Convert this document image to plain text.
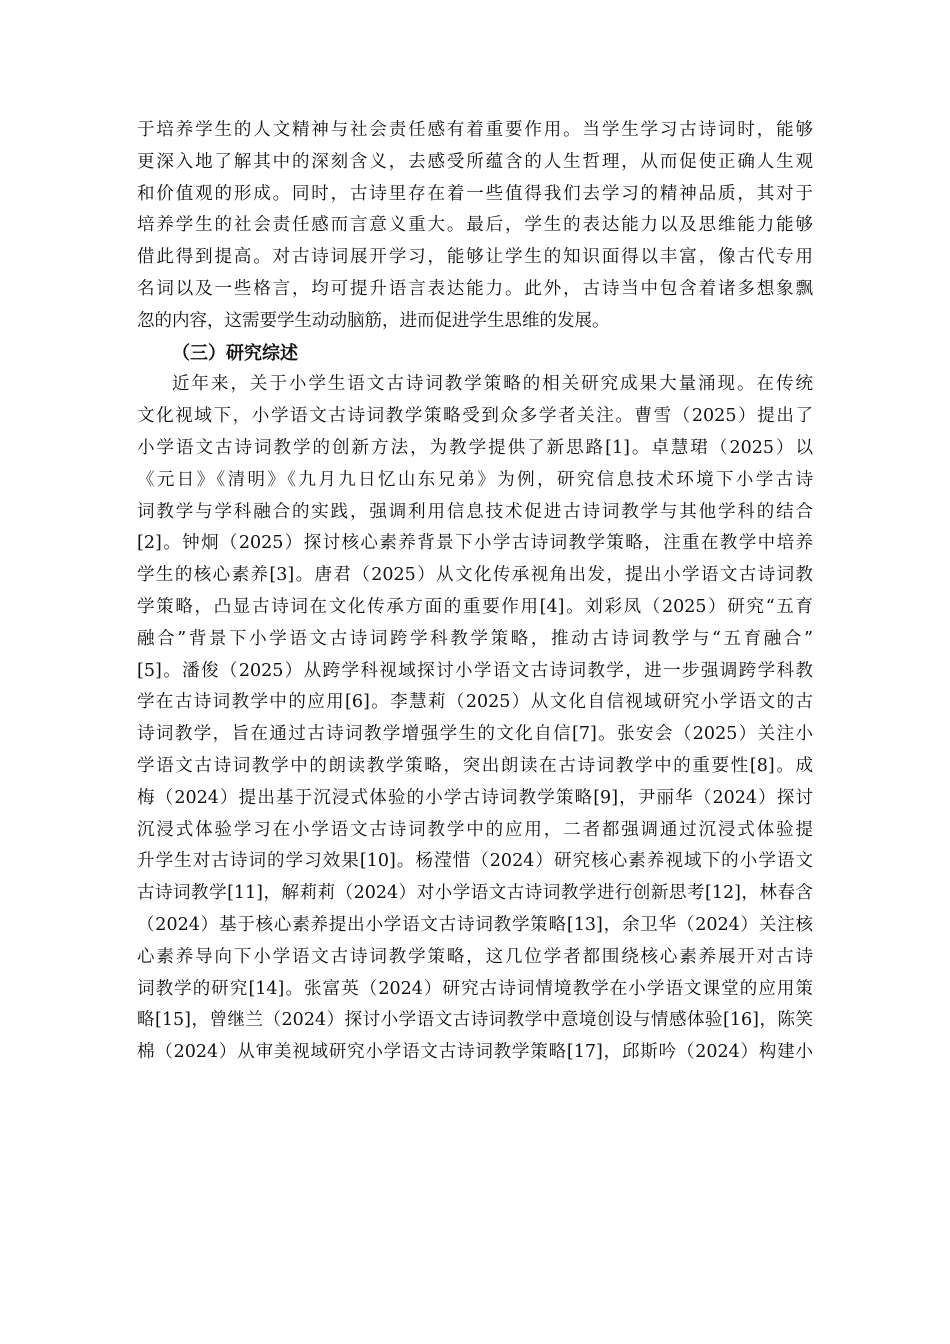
于培养学生的人文精神与社会责任感有着重要作用。当学生学习古诗词时，能够
更深入地了解其中的深刻含义，去感受所蕴含的人生哲理，从而促使正确人生观
和价值观的形成。同时，古诗里存在着一些值得我们去学习的精神品质，其对于
培养学生的社会责任感而言意义重大。最后，学生的表达能力以及思维能力能够
借此得到提高。对古诗词展开学习，能够让学生的知识面得以丰富，像古代专用
名词以及一些格言，均可提升语言表达能力。此外，古诗当中包含着诸多想象飘
忽的内容，这需要学生动动脑筋，进而促进学生思维的发展。
（三）研究综述
近年来，关于小学生语文古诗词教学策略的相关研究成果大量涌现。在传统
文化视域下，小学语文古诗词教学策略受到众多学者关注。曹雪（2025）提出了
小学语文古诗词教学的创新方法，为教学提供了新思路[1]。卓慧珺（2025）以
《元日》《清明》《九月九日忆山东兄弟》为例，研究信息技术环境下小学古诗
词教学与学科融合的实践，强调利用信息技术促进古诗词教学与其他学科的结合
[2]。钟炯（2025）探讨核心素养背景下小学古诗词教学策略，注重在教学中培养
学生的核心素养[3]。唐君（2025）从文化传承视角出发，提出小学语文古诗词教
学策略，凸显古诗词在文化传承方面的重要作用[4]。刘彩凤（2025）研究“五育
融合”背景下小学语文古诗词跨学科教学策略，推动古诗词教学与“五育融合”
[5]。潘俊（2025）从跨学科视域探讨小学语文古诗词教学，进一步强调跨学科教
学在古诗词教学中的应用[6]。李慧莉（2025）从文化自信视域研究小学语文的古
诗词教学，旨在通过古诗词教学增强学生的文化自信[7]。张安会（2025）关注小
学语文古诗词教学中的朗读教学策略，突出朗读在古诗词教学中的重要性[8]。成
梅（2024）提出基于沉浸式体验的小学古诗词教学策略[9]，尹丽华（2024）探讨
沉浸式体验学习在小学语文古诗词教学中的应用，二者都强调通过沉浸式体验提
升学生对古诗词的学习效果[10]。杨滢惜（2024）研究核心素养视域下的小学语文
古诗词教学[11]，解莉莉（2024）对小学语文古诗词教学进行创新思考[12]，林春含
（2024）基于核心素养提出小学语文古诗词教学策略[13]，余卫华（2024）关注核
心素养导向下小学语文古诗词教学策略，这几位学者都围绕核心素养展开对古诗
词教学的研究[14]。张富英（2024）研究古诗词情境教学在小学语文课堂的应用策
略[15]，曾继兰（2024）探讨小学语文古诗词教学中意境创设与情感体验[16]，陈笑
棉（2024）从审美视域研究小学语文古诗词教学策略[17]，邱斯吟（2024）构建小
